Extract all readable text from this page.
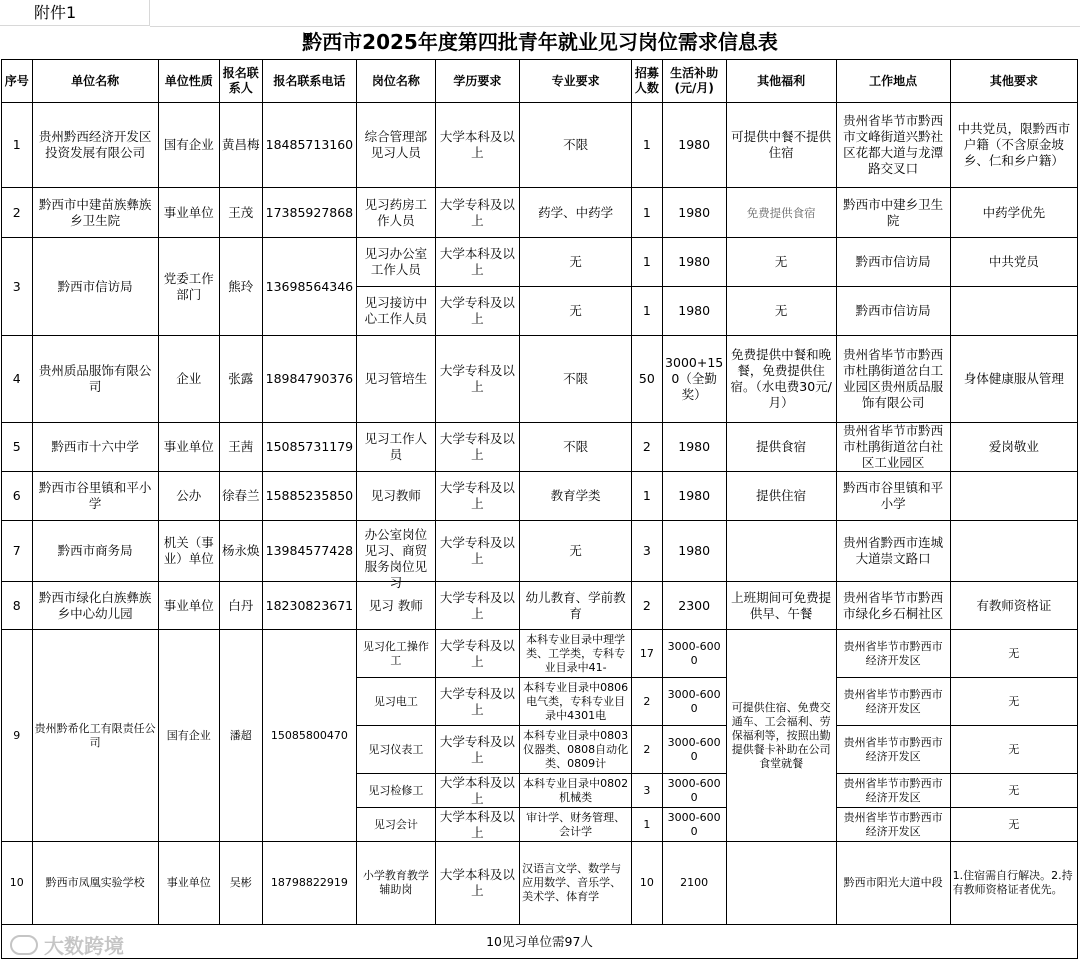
附件1
黔西市2025年度第四批青年就业见习岗位需求信息表
序号	单位名称	单位性质	报名联系人	报名联系电话	岗位名称	学历要求	专业要求	招募人数	生活补助(元/月)	其他福利	工作地点	其他要求
1	贵州黔西经济开发区投资发展有限公司	国有企业	黄昌梅	18485713160	综合管理部见习人员	大学本科及以上	不限	1	1980	可提供中餐不提供住宿	贵州省毕节市黔西市文峰街道兴黔社区花都大道与龙潭路交叉口	中共党员，限黔西市户籍（不含原金坡乡、仁和乡户籍）
2	黔西市中建苗族彝族乡卫生院	事业单位	王茂	17385927868	见习药房工作人员	大学专科及以上	药学、中药学	1	1980	免费提供食宿	黔西市中建乡卫生院	中药学优先
3	黔西市信访局	党委工作部门	熊玲	13698564346	见习办公室工作人员	大学本科及以上	无	1	1980	无	黔西市信访局	中共党员
					见习接访中心工作人员	大学专科及以上	无	1	1980	无	黔西市信访局	
4	贵州质品服饰有限公司	企业	张露	18984790376	见习管培生	大学专科及以上	不限	50	3000+150（全勤奖）	免费提供中餐和晚餐，免费提供住宿。（水电费30元/月）	贵州省毕节市黔西市杜鹃街道岔白工业园区贵州质品服饰有限公司	身体健康服从管理
5	黔西市十六中学	事业单位	王茜	15085731179	见习工作人员	大学专科及以上	不限	2	1980	提供食宿	贵州省毕节市黔西市杜鹃街道岔白社区工业园区	爱岗敬业
6	黔西市谷里镇和平小学	公办	徐春兰	15885235850	见习教师	大学专科及以上	教育学类	1	1980	提供住宿	黔西市谷里镇和平小学	
7	黔西市商务局	机关（事业）单位	杨永焕	13984577428	办公室岗位见习、商贸服务岗位见习	大学专科及以上	无	3	1980		贵州省黔西市连城大道崇文路口	
8	黔西市绿化白族彝族乡中心幼儿园	事业单位	白丹	18230823671	见习 教师	大学专科及以上	幼儿教育、学前教育	2	2300	上班期间可免费提供早、午餐	贵州省毕节市黔西市绿化乡石桐社区	有教师资格证
9	贵州黔希化工有限责任公司	国有企业	潘超	15085800470	见习化工操作工	大学专科及以上	本科专业目录中理学类、工学类，专科专业目录中41-	17	3000-6000	可提供住宿、免费交通车、工会福利、劳保福利等，按照出勤提供餐卡补助在公司食堂就餐	贵州省毕节市黔西市经济开发区	无
					见习电工	大学专科及以上	本科专业目录中0806电气类，专科专业目录中4301电	2	3000-6000		贵州省毕节市黔西市经济开发区	无
					见习仪表工	大学专科及以上	本科专业目录中0803仪器类、0808自动化类、0809计	2	3000-6000		贵州省毕节市黔西市经济开发区	无
					见习检修工	大学本科及以上	本科专业目录中0802机械类	3	3000-6000		贵州省毕节市黔西市经济开发区	无
					见习会计	大学本科及以上	审计学、财务管理、会计学	1	3000-6000		贵州省毕节市黔西市经济开发区	无
10	黔西市凤凰实验学校	事业单位	吴彬	18798822919	小学教育教学辅助岗	大学本科及以上	汉语言文学、数学与应用数学、音乐学、美术学、体育学	10	2100		黔西市阳光大道中段	1.住宿需自行解决。2.持有教师资格证者优先。
10见习单位需97人												
大数跨境
